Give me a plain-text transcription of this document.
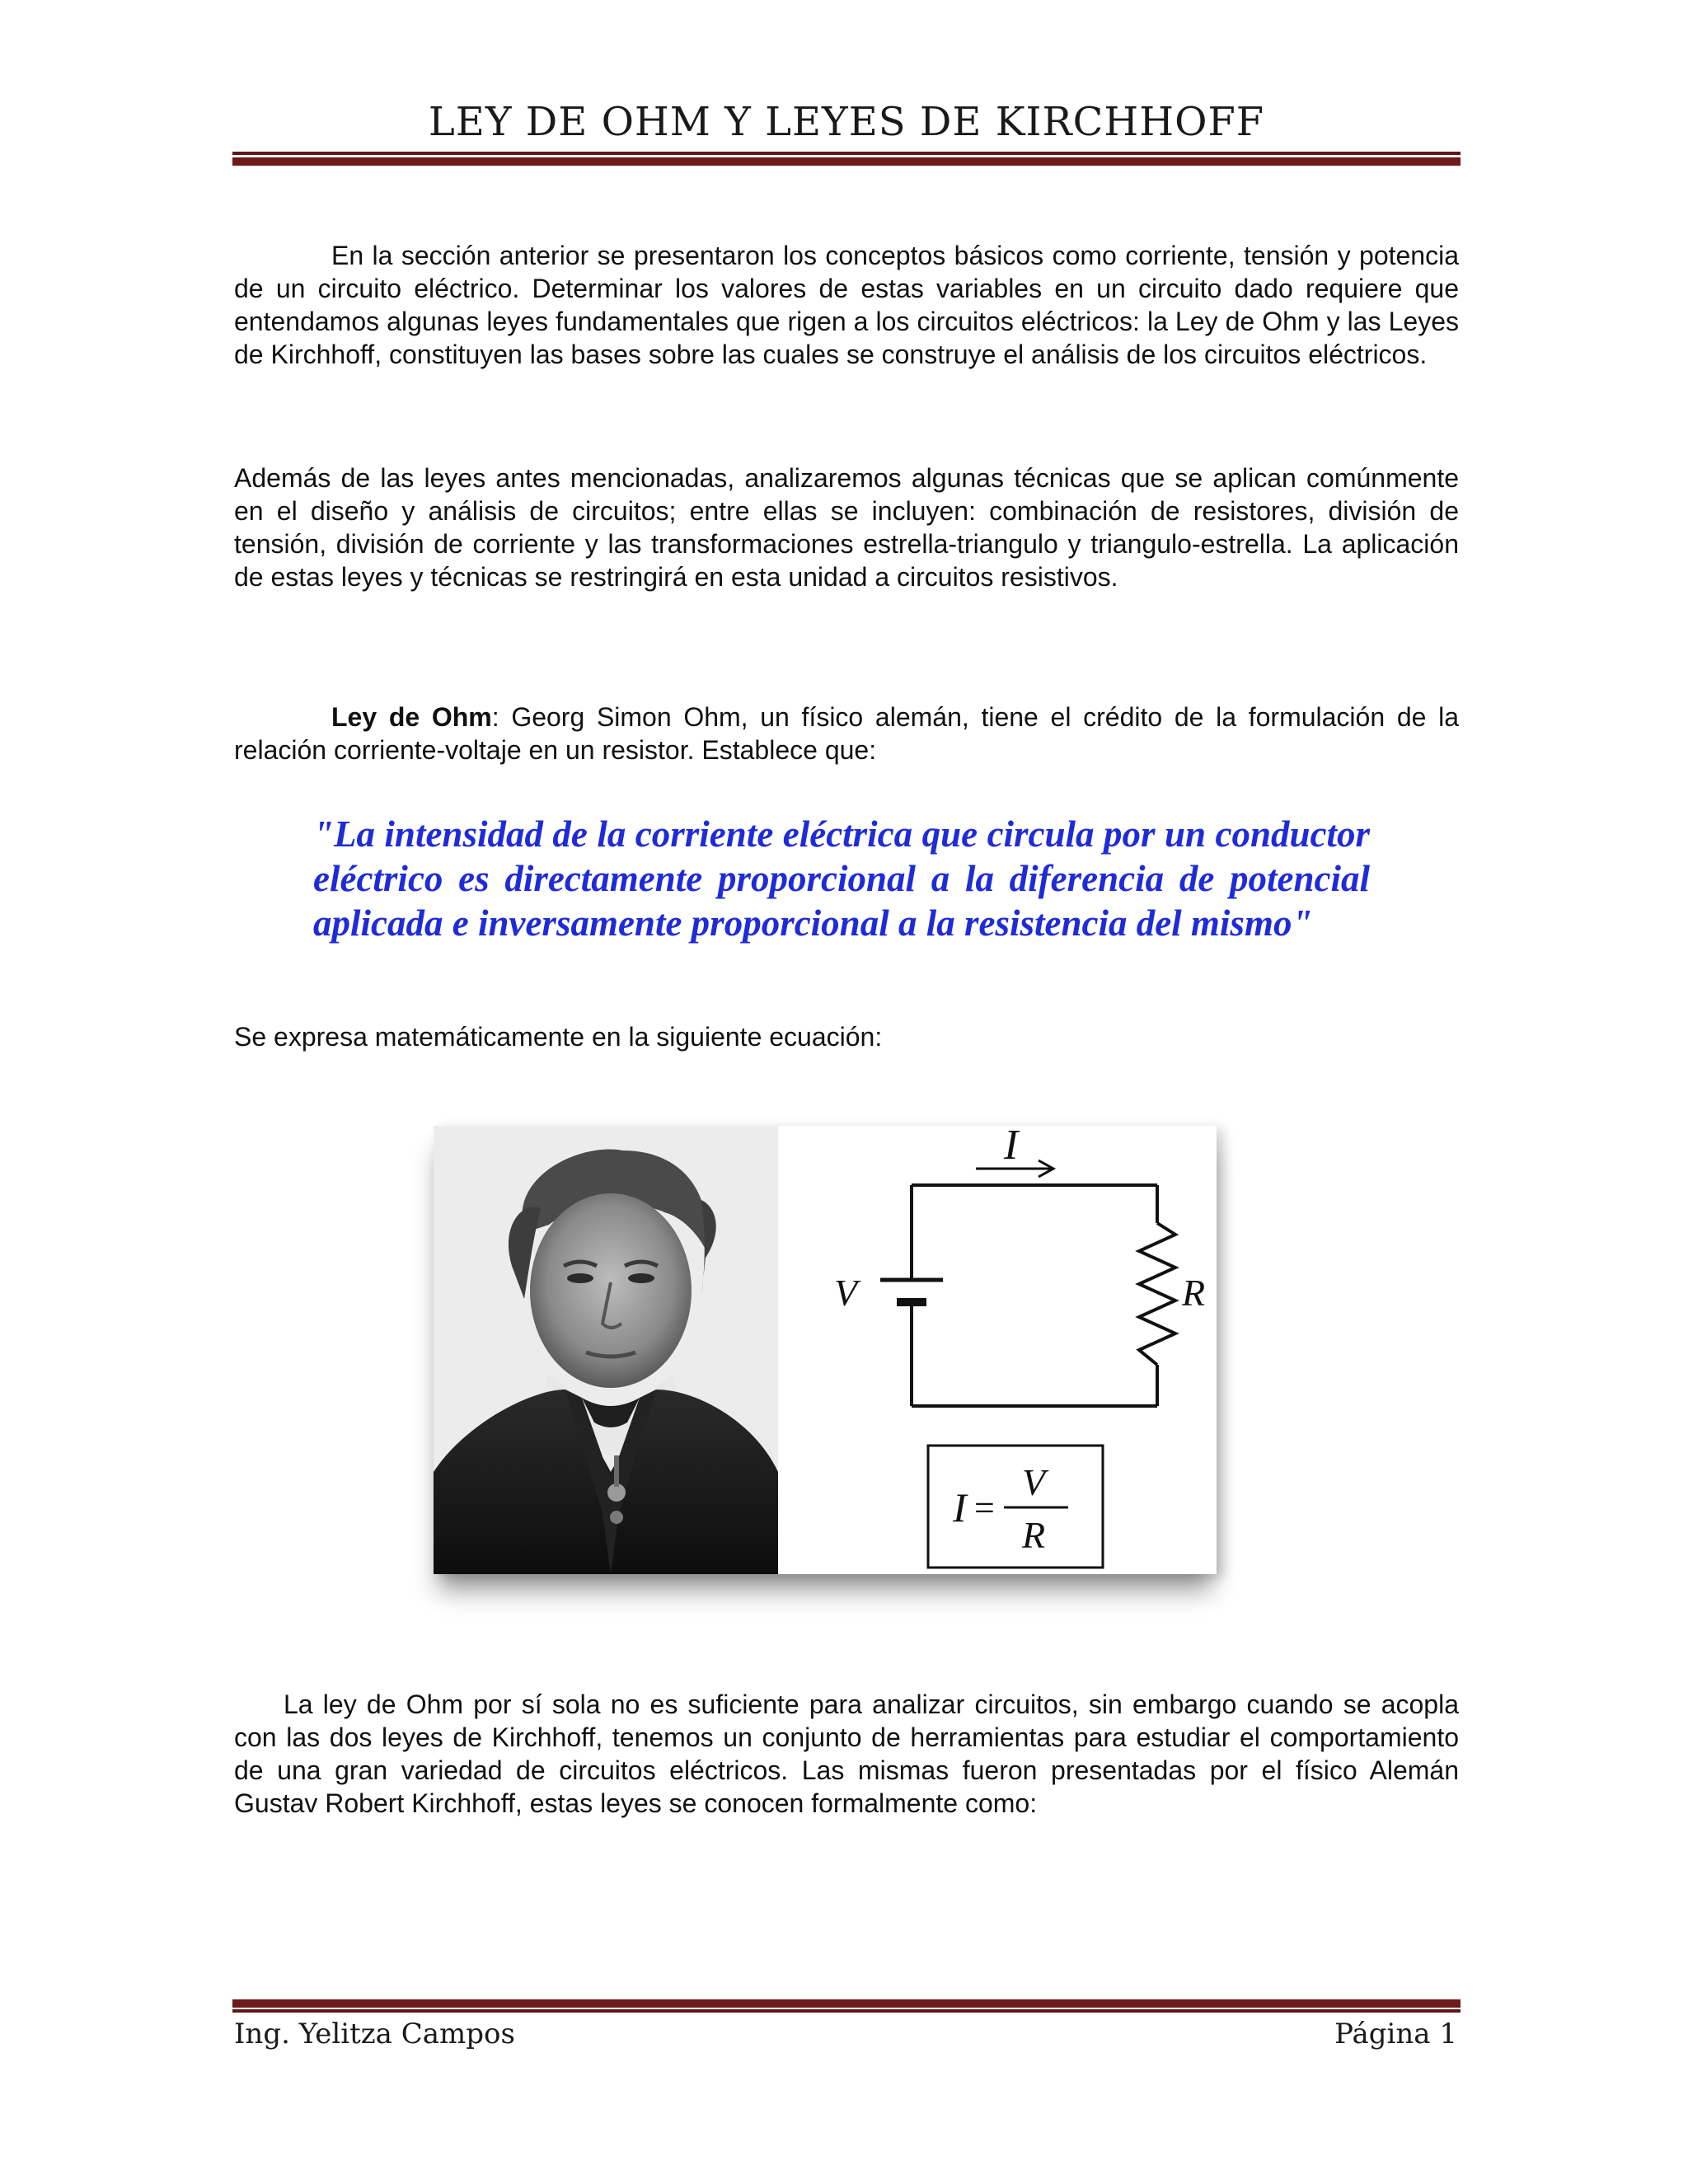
LEY DE OHM Y LEYES DE KIRCHHOFF

En la sección anterior se presentaron los conceptos básicos como corriente, tensión y potencia de un circuito eléctrico. Determinar los valores de estas variables en un circuito dado requiere que entendamos algunas leyes fundamentales que rigen a los circuitos eléctricos: la Ley de Ohm y las Leyes de Kirchhoff, constituyen las bases sobre las cuales se construye el análisis de los circuitos eléctricos.

Además de las leyes antes mencionadas, analizaremos algunas técnicas que se aplican comúnmente en el diseño y análisis de circuitos; entre ellas se incluyen: combinación de resistores, división de tensión, división de corriente y las transformaciones estrella-triangulo y triangulo-estrella. La aplicación de estas leyes y técnicas se restringirá en esta unidad a circuitos resistivos.

Ley de Ohm: Georg Simon Ohm, un físico alemán, tiene el crédito de la formulación de la relación corriente-voltaje en un resistor. Establece que:

"La intensidad de la corriente eléctrica que circula por un conductor eléctrico es directamente proporcional a la diferencia de potencial aplicada e inversamente proporcional a la resistencia del mismo"

Se expresa matemáticamente en la siguiente ecuación:

I
V	R
I
V
R
=

La ley de Ohm por sí sola no es suficiente para analizar circuitos, sin embargo cuando se acopla con las dos leyes de Kirchhoff, tenemos un conjunto de herramientas para estudiar el comportamiento de una gran variedad de circuitos eléctricos. Las mismas fueron presentadas por el físico Alemán Gustav Robert Kirchhoff, estas leyes se conocen formalmente como:

Ing. Yelitza Campos	Página 1
